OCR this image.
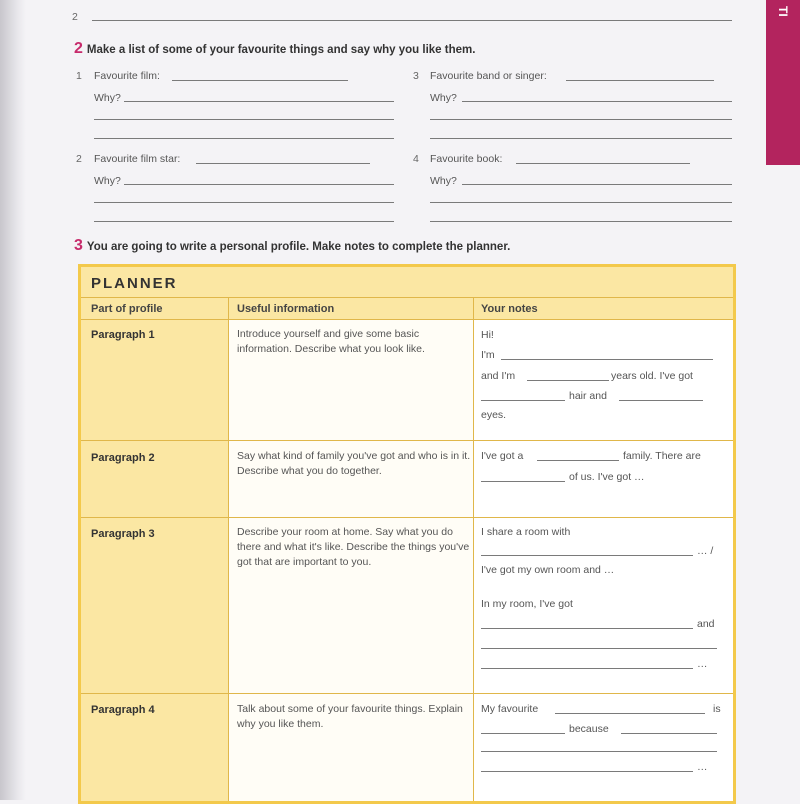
TI
2
2 Make a list of some of your favourite things and say why you like them.
1 Favourite film:
Why?
3 Favourite band or singer:
Why?
2 Favourite film star:
Why?
4 Favourite book:
Why?
3 You are going to write a personal profile. Make notes to complete the planner.
PLANNER
Part of profile	Useful information	Your notes
Paragraph 1	Introduce yourself and give some basic information. Describe what you look like.
Hi!
I'm
and I'm	years old. I've got
hair and
eyes.
Paragraph 2	Say what kind of family you've got and who is in it. Describe what you do together.
I've got a	family. There are
of us. I've got …
Paragraph 3	Describe your room at home. Say what you do there and what it's like. Describe the things you've got that are important to you.
I share a room with
… /
I've got my own room and …
In my room, I've got
and
…
Paragraph 4	Talk about some of your favourite things. Explain why you like them.
My favourite	is
because
…
